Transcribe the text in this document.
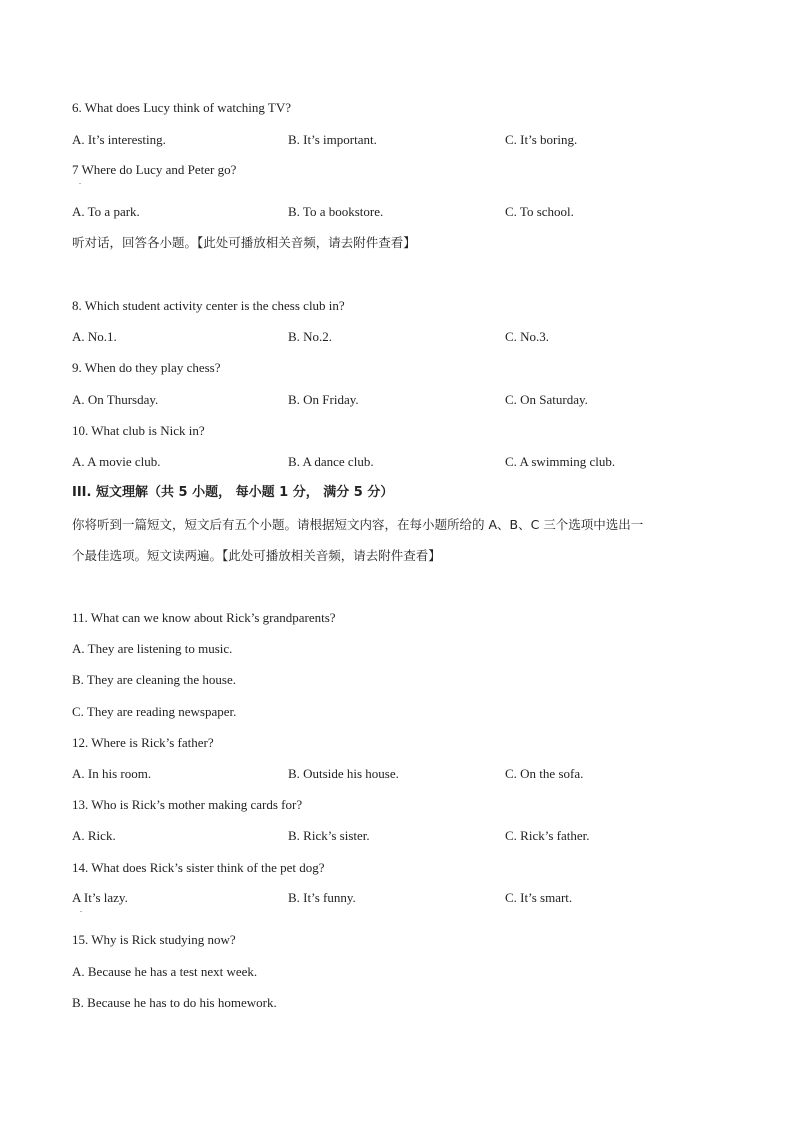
6. What does Lucy think of watching TV?
A. It’s interesting.	B. It’s important.	C. It’s boring.
7 Where do Lucy and Peter go?
.
A. To a park.	B. To a bookstore.	C. To school.
听对话，回答各小题。【此处可播放相关音频，请去附件查看】
8. Which student activity center is the chess club in?
A. No.1.	B. No.2.	C. No.3.
9. When do they play chess?
A. On Thursday.	B. On Friday.	C. On Saturday.
10. What club is Nick in?
A. A movie club.	B. A dance club.	C. A swimming club.
III. 短文理解（共 5 小题， 每小题 1 分， 满分 5 分）
你将听到一篇短文，短文后有五个小题。请根据短文内容，在每小题所给的 A、B、C 三个选项中选出一
个最佳选项。短文读两遍。【此处可播放相关音频，请去附件查看】
11. What can we know about Rick’s grandparents?
A. They are listening to music.
B. They are cleaning the house.
C. They are reading newspaper.
12. Where is Rick’s father?
A. In his room.	B. Outside his house.	C. On the sofa.
13. Who is Rick’s mother making cards for?
A. Rick.	B. Rick’s sister.	C. Rick’s father.
14. What does Rick’s sister think of the pet dog?
A It’s lazy.
.
B. It’s funny.	C. It’s smart.
15. Why is Rick studying now?
A. Because he has a test next week.
B. Because he has to do his homework.
